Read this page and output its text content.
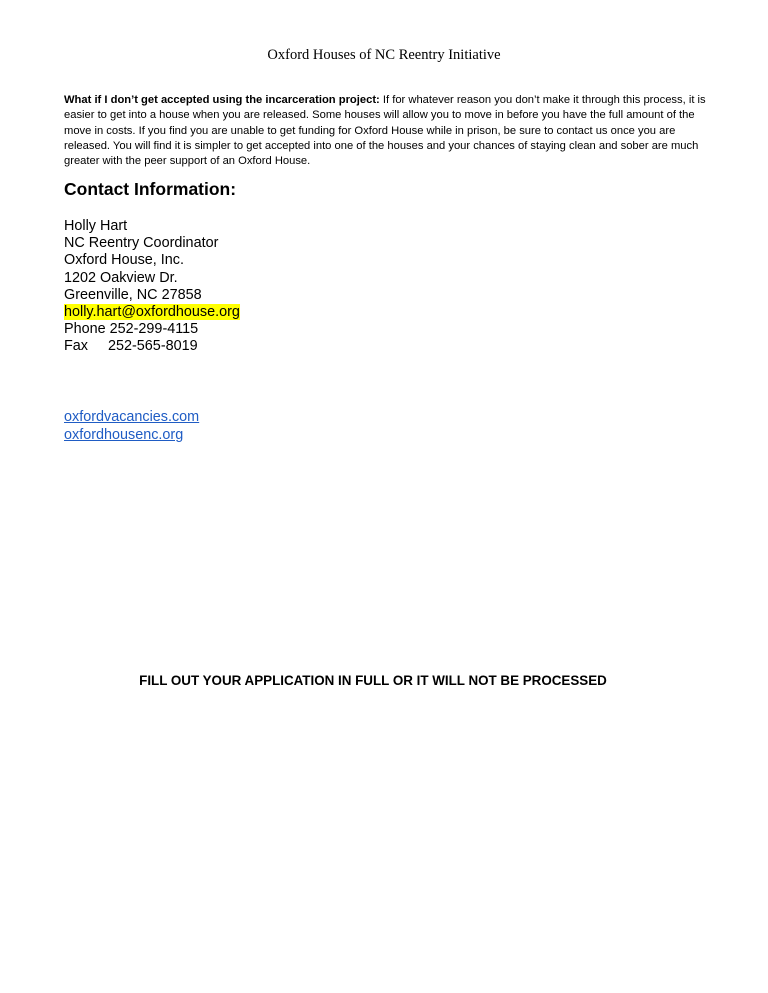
Oxford Houses of NC Reentry Initiative

What if I don’t get accepted using the incarceration project: If for whatever reason you don’t make it through this process, it is easier to get into a house when you are released. Some houses will allow you to move in before you have the full amount of the move in costs. If you find you are unable to get funding for Oxford House while in prison, be sure to contact us once you are released. You will find it is simpler to get accepted into one of the houses and your chances of staying clean and sober are much greater with the peer support of an Oxford House.

Contact Information:
Holly Hart
NC Reentry Coordinator
Oxford House, Inc.
1202 Oakview Dr.
Greenville, NC 27858
holly.hart@oxfordhouse.org
Phone 252-299-4115
Fax 252-565-8019
oxfordvacancies.com
oxfordhousenc.org
FILL OUT YOUR APPLICATION IN FULL OR IT WILL NOT BE PROCESSED
